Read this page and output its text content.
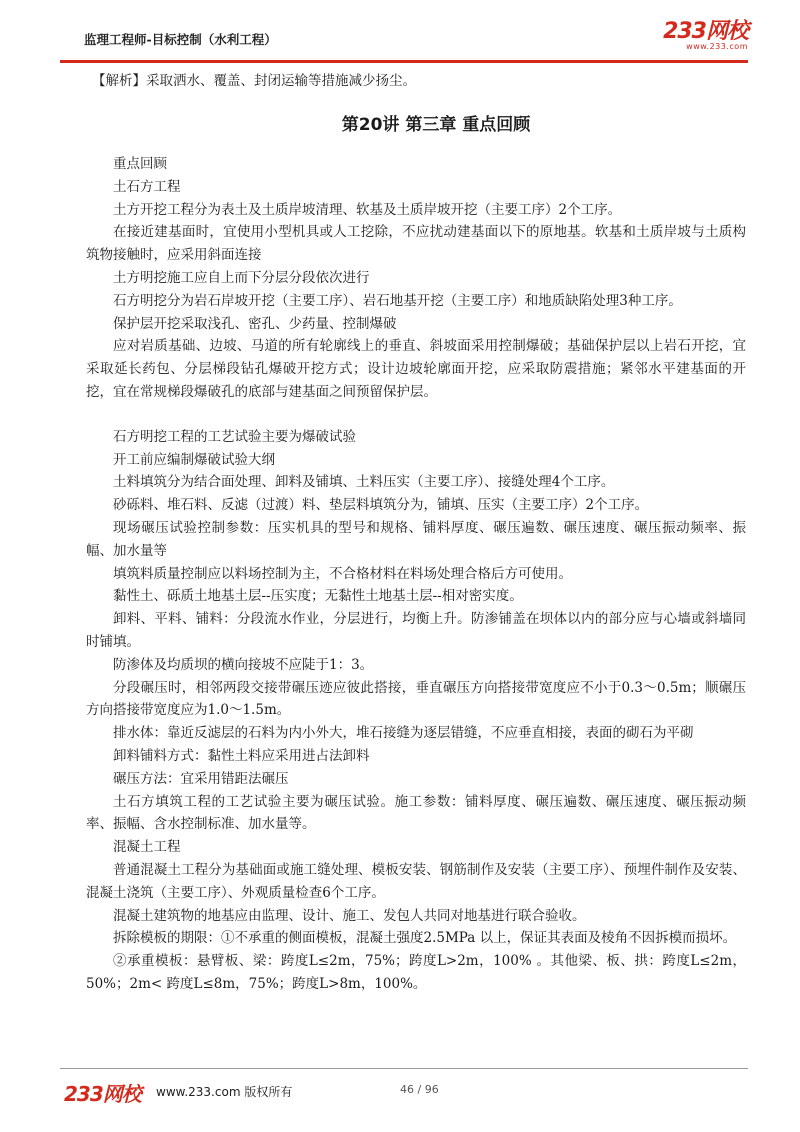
监理工程师-目标控制（水利工程）	233网校
www.233.com
【解析】采取洒水、覆盖、封闭运输等措施减少扬尘。
第20讲 第三章 重点回顾

重点回顾

土石方工程

土方开挖工程分为表土及土质岸坡清理、软基及土质岸坡开挖（主要工序）2个工序。

在接近建基面时，宜使用小型机具或人工挖除，不应扰动建基面以下的原地基。软基和土质岸坡与土质构筑物接触时，应采用斜面连接

土方明挖施工应自上而下分层分段依次进行

石方明挖分为岩石岸坡开挖（主要工序）、岩石地基开挖（主要工序）和地质缺陷处理3种工序。

保护层开挖采取浅孔、密孔、少药量、控制爆破

应对岩质基础、边坡、马道的所有轮廓线上的垂直、斜坡面采用控制爆破；基础保护层以上岩石开挖，宜采取延长药包、分层梯段钻孔爆破开挖方式；设计边坡轮廓面开挖，应采取防震措施；紧邻水平建基面的开挖，宜在常规梯段爆破孔的底部与建基面之间预留保护层。

石方明挖工程的工艺试验主要为爆破试验

开工前应编制爆破试验大纲

土料填筑分为结合面处理、卸料及铺填、土料压实（主要工序）、接缝处理4个工序。

砂砾料、堆石料、反滤（过渡）料、垫层料填筑分为，铺填、压实（主要工序）2个工序。

现场碾压试验控制参数：压实机具的型号和规格、铺料厚度、碾压遍数、碾压速度、碾压振动频率、振幅、加水量等

填筑料质量控制应以料场控制为主，不合格材料在料场处理合格后方可使用。

黏性土、砾质土地基土层--压实度；无黏性土地基土层--相对密实度。

卸料、平料、铺料：分段流水作业，分层进行，均衡上升。防渗铺盖在坝体以内的部分应与心墙或斜墙同时铺填。

防渗体及均质坝的横向接坡不应陡于1：3。

分段碾压时，相邻两段交接带碾压迹应彼此搭接，垂直碾压方向搭接带宽度应不小于0.3～0.5m；顺碾压方向搭接带宽度应为1.0～1.5m。

排水体：靠近反滤层的石料为内小外大，堆石接缝为逐层错缝，不应垂直相接，表面的砌石为平砌

卸料铺料方式：黏性土料应采用进占法卸料

碾压方法：宜采用错距法碾压

土石方填筑工程的工艺试验主要为碾压试验。施工参数：铺料厚度、碾压遍数、碾压速度、碾压振动频率、振幅、含水控制标准、加水量等。

混凝土工程

普通混凝土工程分为基础面或施工缝处理、模板安装、钢筋制作及安装（主要工序）、预埋件制作及安装、混凝土浇筑（主要工序）、外观质量检查6个工序。

混凝土建筑物的地基应由监理、设计、施工、发包人共同对地基进行联合验收。

拆除模板的期限：①不承重的侧面模板，混凝土强度2.5MPa 以上，保证其表面及棱角不因拆模而损坏。

②承重模板：悬臂板、梁：跨度L≤2m，75%；跨度L>2m，100% 。其他梁、板、拱：跨度L≤2m，50%；2m< 跨度L≤8m，75%；跨度L>8m，100%。

233网校 www.233.com 版权所有	46 / 96
